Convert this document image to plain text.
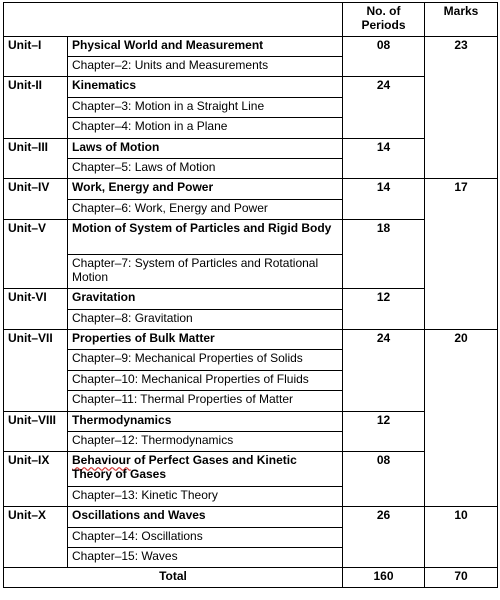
		No. of Periods	Marks
Unit–I	Physical World and Measurement	08	23
	Chapter–2: Units and Measurements		
Unit-II	Kinematics	24	
	Chapter–3: Motion in a Straight Line		
	Chapter–4: Motion in a Plane		
Unit–III	Laws of Motion	14	
	Chapter–5: Laws of Motion		
Unit–IV	Work, Energy and Power	14	17
	Chapter–6: Work, Energy and Power		
Unit–V	Motion of System of Particles and Rigid Body	18	
	Chapter–7: System of Particles and Rotational Motion		
Unit-VI	Gravitation	12	
	Chapter–8: Gravitation		
Unit–VII	Properties of Bulk Matter	24	20
	Chapter–9: Mechanical Properties of Solids		
	Chapter–10: Mechanical Properties of Fluids		
	Chapter–11: Thermal Properties of Matter		
Unit–VIII	Thermodynamics	12	
	Chapter–12: Thermodynamics		
Unit–IX	Behaviour of Perfect Gases and Kinetic Theory of Gases	08	
	Chapter–13: Kinetic Theory		
Unit–X	Oscillations and Waves	26	10
	Chapter–14: Oscillations		
	Chapter–15: Waves		
Total		160	70
